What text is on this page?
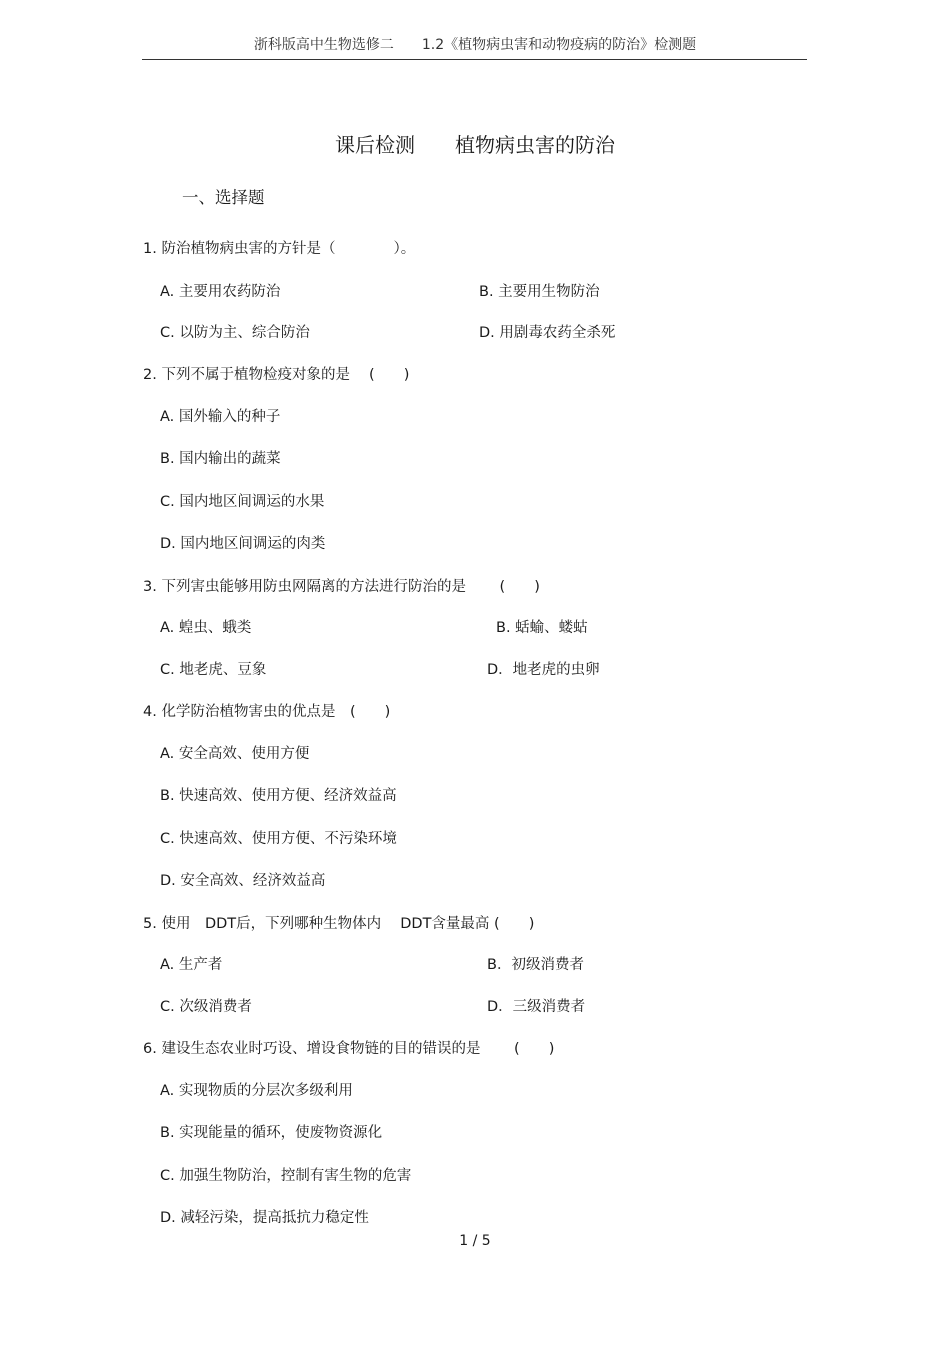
浙科版高中生物选修二　　1.2《植物病虫害和动物疫病的防治》检测题
课后检测　　植物病虫害的防治
一、选择题
1. 防治植物病虫害的方针是（　　　　）。
A. 主要用农药防治	B. 主要用生物防治
C. 以防为主、综合防治	D. 用剧毒农药全杀死
2. 下列不属于植物检疫对象的是　 (　　)
A. 国外输入的种子
B. 国内输出的蔬菜
C. 国内地区间调运的水果
D. 国内地区间调运的肉类
3. 下列害虫能够用防虫网隔离的方法进行防治的是　　 (　　)
A. 蝗虫、蛾类	B. 蛞蝓、蝼蛄
C. 地老虎、豆象	D．地老虎的虫卵
4. 化学防治植物害虫的优点是　(　　)
A. 安全高效、使用方便
B. 快速高效、使用方便、经济效益高
C. 快速高效、使用方便、不污染环境
D. 安全高效、经济效益高
5. 使用　DDT后，下列哪种生物体内　 DDT含量最高 (　　)
A. 生产者	B．初级消费者
C. 次级消费者	D．三级消费者
6. 建设生态农业时巧设、增设食物链的目的错误的是　　 (　　)
A. 实现物质的分层次多级利用
B. 实现能量的循环，使废物资源化
C. 加强生物防治，控制有害生物的危害
D. 减轻污染，提高抵抗力稳定性
1 / 5
